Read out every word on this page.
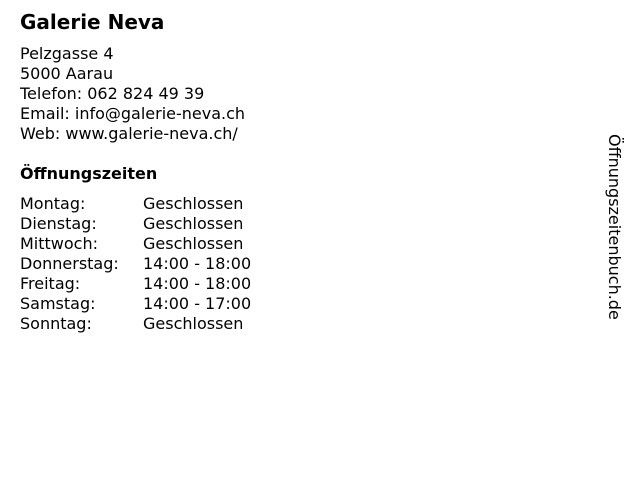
Galerie Neva
Pelzgasse 4
5000 Aarau
Telefon: 062 824 49 39
Email: info@galerie-neva.ch
Web: www.galerie-neva.ch/
Öffnungszeiten
Montag:	Geschlossen
Dienstag:	Geschlossen
Mittwoch:	Geschlossen
Donnerstag:	14:00 - 18:00
Freitag:	14:00 - 18:00
Samstag:	14:00 - 17:00
Sonntag:	Geschlossen
Öffnungszeitenbuch.de
